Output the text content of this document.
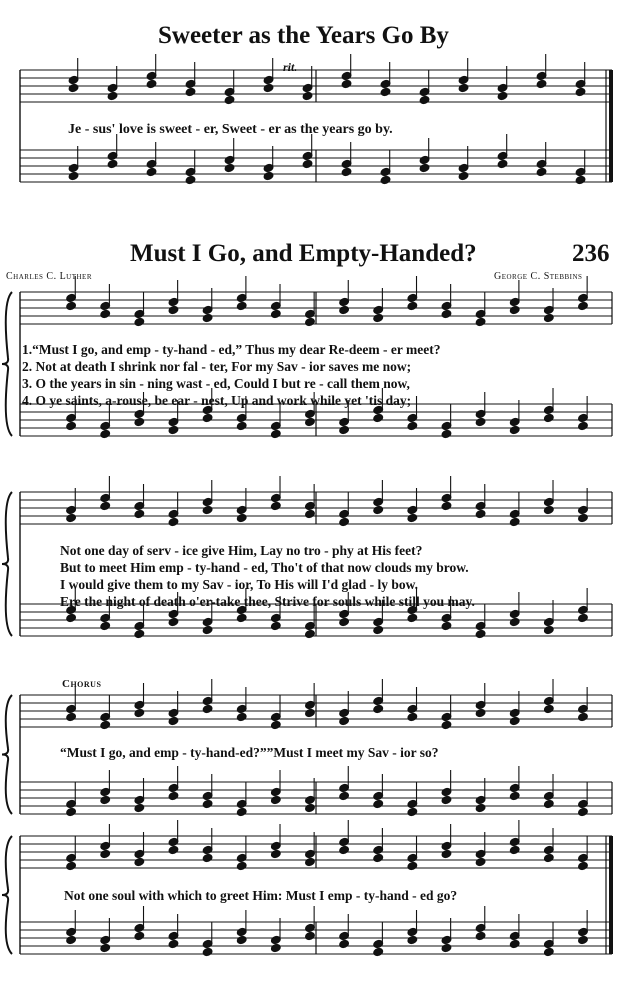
Sweeter as the Years Go By
rit.
Je - sus' love is sweet - er, Sweet - er as the years go by.
Must I Go, and Empty-Handed?	236
Charles C. Luther	George C. Stebbins
1.“Must I go, and emp - ty-hand - ed,” Thus my dear Re-deem - er meet?
2. Not at death I shrink nor fal - ter, For my Sav - ior saves me now;
3. O the years in sin - ning wast - ed, Could I but re - call them now,
4. O ye saints, a-rouse, be ear - nest, Up and work while yet 'tis day;
Not one day of serv - ice give Him, Lay no tro - phy at His feet?
But to meet Him emp - ty-hand - ed, Tho't of that now clouds my brow.
I would give them to my Sav - ior, To His will I'd glad - ly bow.
Ere the night of death o'er-take thee, Strive for souls while still you may.
Chorus
“Must I go, and emp - ty-hand-ed?””Must I meet my Sav - ior so?
Not one soul with which to greet Him: Must I emp - ty-hand - ed go?
